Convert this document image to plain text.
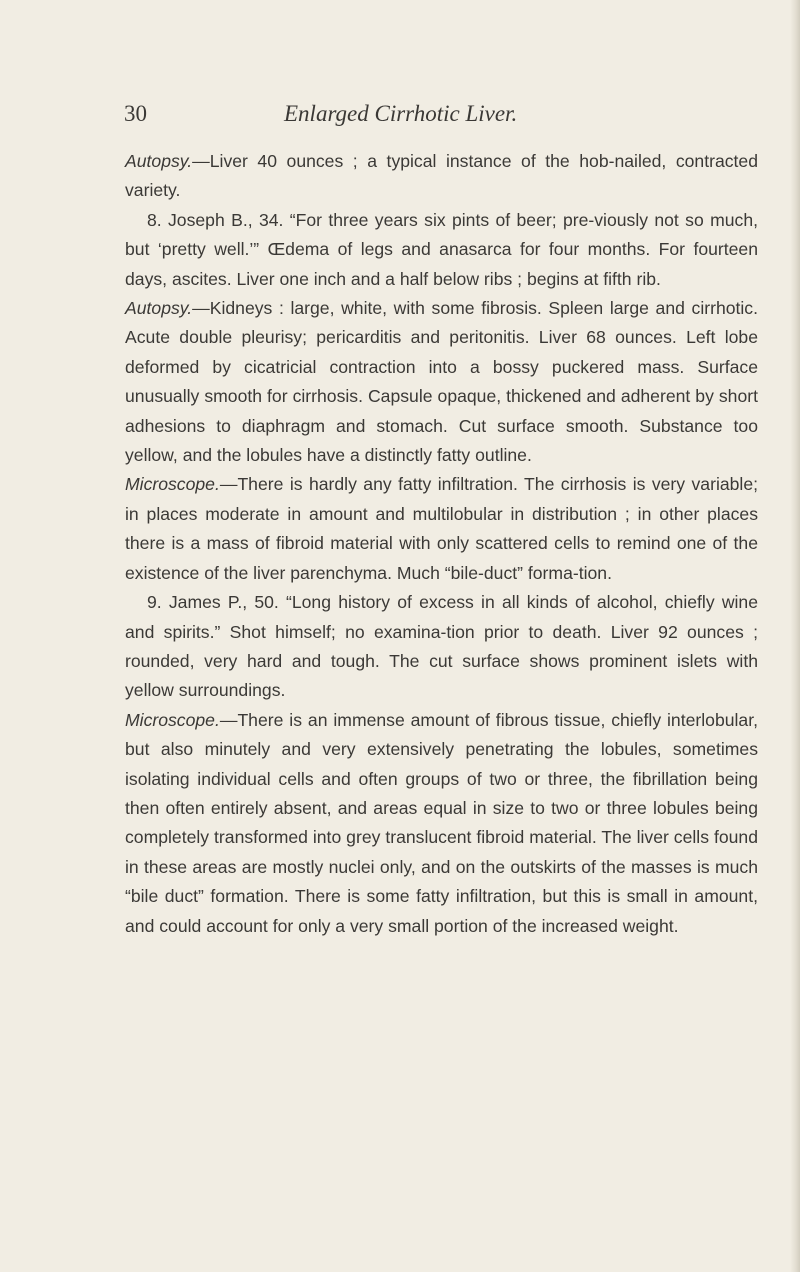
30	Enlarged Cirrhotic Liver.

Autopsy.—Liver 40 ounces ; a typical instance of the hob-nailed, contracted variety.

8. Joseph B., 34. “For three years six pints of beer; pre-viously not so much, but ‘pretty well.’” Œdema of legs and anasarca for four months. For fourteen days, ascites. Liver one inch and a half below ribs ; begins at fifth rib.

Autopsy.—Kidneys : large, white, with some fibrosis. Spleen large and cirrhotic. Acute double pleurisy; pericarditis and peritonitis. Liver 68 ounces. Left lobe deformed by cicatricial contraction into a bossy puckered mass. Surface unusually smooth for cirrhosis. Capsule opaque, thickened and adherent by short adhesions to diaphragm and stomach. Cut surface smooth. Substance too yellow, and the lobules have a distinctly fatty outline.

Microscope.—There is hardly any fatty infiltration. The cirrhosis is very variable; in places moderate in amount and multilobular in distribution ; in other places there is a mass of fibroid material with only scattered cells to remind one of the existence of the liver parenchyma. Much “bile-duct” forma-tion.

9. James P., 50. “Long history of excess in all kinds of alcohol, chiefly wine and spirits.” Shot himself; no examina-tion prior to death. Liver 92 ounces ; rounded, very hard and tough. The cut surface shows prominent islets with yellow surroundings.

Microscope.—There is an immense amount of fibrous tissue, chiefly interlobular, but also minutely and very extensively penetrating the lobules, sometimes isolating individual cells and often groups of two or three, the fibrillation being then often entirely absent, and areas equal in size to two or three lobules being completely transformed into grey translucent fibroid material. The liver cells found in these areas are mostly nuclei only, and on the outskirts of the masses is much “bile duct” formation. There is some fatty infiltration, but this is small in amount, and could account for only a very small portion of the increased weight.
